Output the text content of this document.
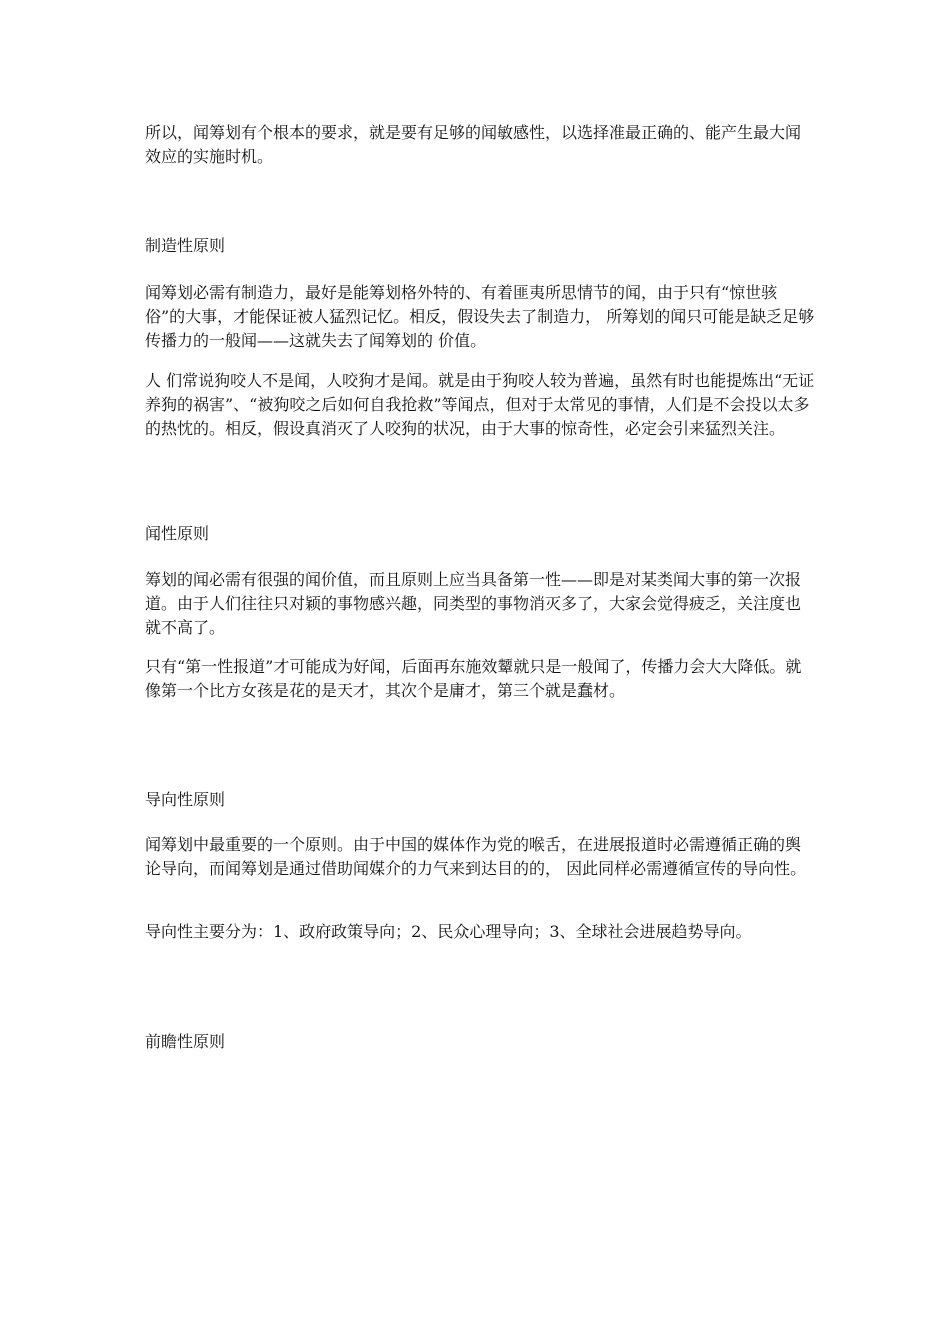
所以，闻筹划有个根本的要求，就是要有足够的闻敏感性，以选择准最正确的、能产生最大闻效应的实施时机。

制造性原则

闻筹划必需有制造力，最好是能筹划格外特的、有着匪夷所思情节的闻，由于只有“惊世骇俗”的大事，才能保证被人猛烈记忆。相反，假设失去了制造力， 所筹划的闻只可能是缺乏足够传播力的一般闻——这就失去了闻筹划的 价值。

人 们常说狗咬人不是闻，人咬狗才是闻。就是由于狗咬人较为普遍，虽然有时也能提炼出“无证养狗的祸害”、“被狗咬之后如何自我抢救”等闻点，但对于太常见的事情，人们是不会投以太多的热忱的。相反，假设真消灭了人咬狗的状况，由于大事的惊奇性，必定会引来猛烈关注。

闻性原则

筹划的闻必需有很强的闻价值，而且原则上应当具备第一性——即是对某类闻大事的第一次报道。由于人们往往只对颖的事物感兴趣，同类型的事物消灭多了，大家会觉得疲乏，关注度也就不高了。

只有“第一性报道”才可能成为好闻，后面再东施效颦就只是一般闻了，传播力会大大降低。就像第一个比方女孩是花的是天才，其次个是庸才，第三个就是蠢材。

导向性原则

闻筹划中最重要的一个原则。由于中国的媒体作为党的喉舌，在进展报道时必需遵循正确的舆论导向，而闻筹划是通过借助闻媒介的力气来到达目的的， 因此同样必需遵循宣传的导向性。

导向性主要分为：1、政府政策导向；2、民众心理导向；3、全球社会进展趋势导向。

前瞻性原则
